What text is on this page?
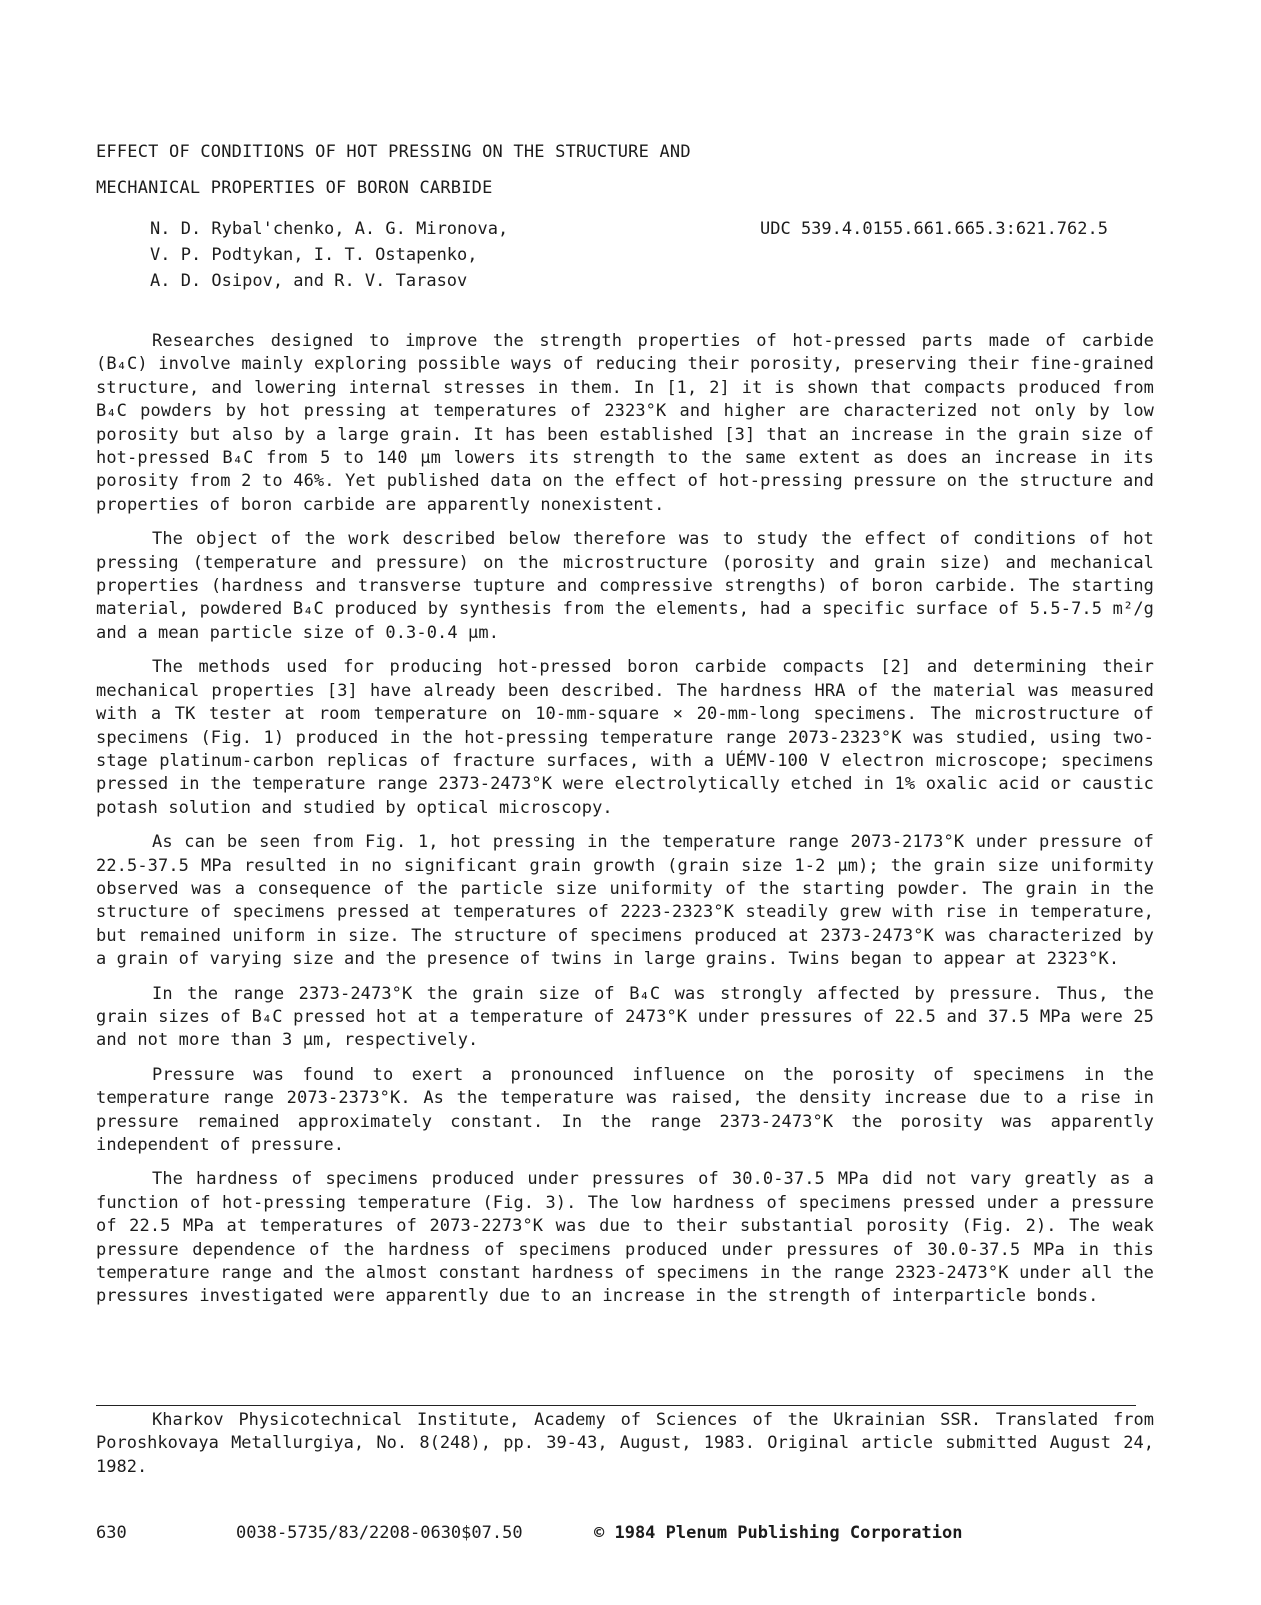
EFFECT OF CONDITIONS OF HOT PRESSING ON THE STRUCTURE AND
MECHANICAL PROPERTIES OF BORON CARBIDE
N. D. Rybal'chenko, A. G. Mironova,
V. P. Podtykan, I. T. Ostapenko,
A. D. Osipov, and R. V. Tarasov
UDC 539.4.0155.661.665.3:621.762.5

Researches designed to improve the strength properties of hot-pressed parts made of carbide (B₄C) involve mainly exploring possible ways of reducing their porosity, preserving their fine-grained structure, and lowering internal stresses in them. In [1, 2] it is shown that compacts produced from B₄C powders by hot pressing at temperatures of 2323°K and higher are characterized not only by low porosity but also by a large grain. It has been established [3] that an increase in the grain size of hot-pressed B₄C from 5 to 140 μm lowers its strength to the same extent as does an increase in its porosity from 2 to 46%. Yet published data on the effect of hot-pressing pressure on the structure and properties of boron carbide are apparently nonexistent.

The object of the work described below therefore was to study the effect of conditions of hot pressing (temperature and pressure) on the microstructure (porosity and grain size) and mechanical properties (hardness and transverse tupture and compressive strengths) of boron carbide. The starting material, powdered B₄C produced by synthesis from the elements, had a specific surface of 5.5-7.5 m²/g and a mean particle size of 0.3-0.4 μm.

The methods used for producing hot-pressed boron carbide compacts [2] and determining their mechanical properties [3] have already been described. The hardness HRA of the material was measured with a TK tester at room temperature on 10-mm-square × 20-mm-long specimens. The microstructure of specimens (Fig. 1) produced in the hot-pressing temperature range 2073-2323°K was studied, using two-stage platinum-carbon replicas of fracture surfaces, with a UÉMV-100 V electron microscope; specimens pressed in the temperature range 2373-2473°K were electrolytically etched in 1% oxalic acid or caustic potash solution and studied by optical microscopy.

As can be seen from Fig. 1, hot pressing in the temperature range 2073-2173°K under pressure of 22.5-37.5 MPa resulted in no significant grain growth (grain size 1-2 μm); the grain size uniformity observed was a consequence of the particle size uniformity of the starting powder. The grain in the structure of specimens pressed at temperatures of 2223-2323°K steadily grew with rise in temperature, but remained uniform in size. The structure of specimens produced at 2373-2473°K was characterized by a grain of varying size and the presence of twins in large grains. Twins began to appear at 2323°K.

In the range 2373-2473°K the grain size of B₄C was strongly affected by pressure. Thus, the grain sizes of B₄C pressed hot at a temperature of 2473°K under pressures of 22.5 and 37.5 MPa were 25 and not more than 3 μm, respectively.

Pressure was found to exert a pronounced influence on the porosity of specimens in the temperature range 2073-2373°K. As the temperature was raised, the density increase due to a rise in pressure remained approximately constant. In the range 2373-2473°K the porosity was apparently independent of pressure.

The hardness of specimens produced under pressures of 30.0-37.5 MPa did not vary greatly as a function of hot-pressing temperature (Fig. 3). The low hardness of specimens pressed under a pressure of 22.5 MPa at temperatures of 2073-2273°K was due to their substantial porosity (Fig. 2). The weak pressure dependence of the hardness of specimens produced under pressures of 30.0-37.5 MPa in this temperature range and the almost constant hardness of specimens in the range 2323-2473°K under all the pressures investigated were apparently due to an increase in the strength of interparticle bonds.

Kharkov Physicotechnical Institute, Academy of Sciences of the Ukrainian SSR. Translated from Poroshkovaya Metallurgiya, No. 8(248), pp. 39-43, August, 1983. Original article submitted August 24, 1982.
630	0038-5735/83/2208-0630$07.50	© 1984 Plenum Publishing Corporation
